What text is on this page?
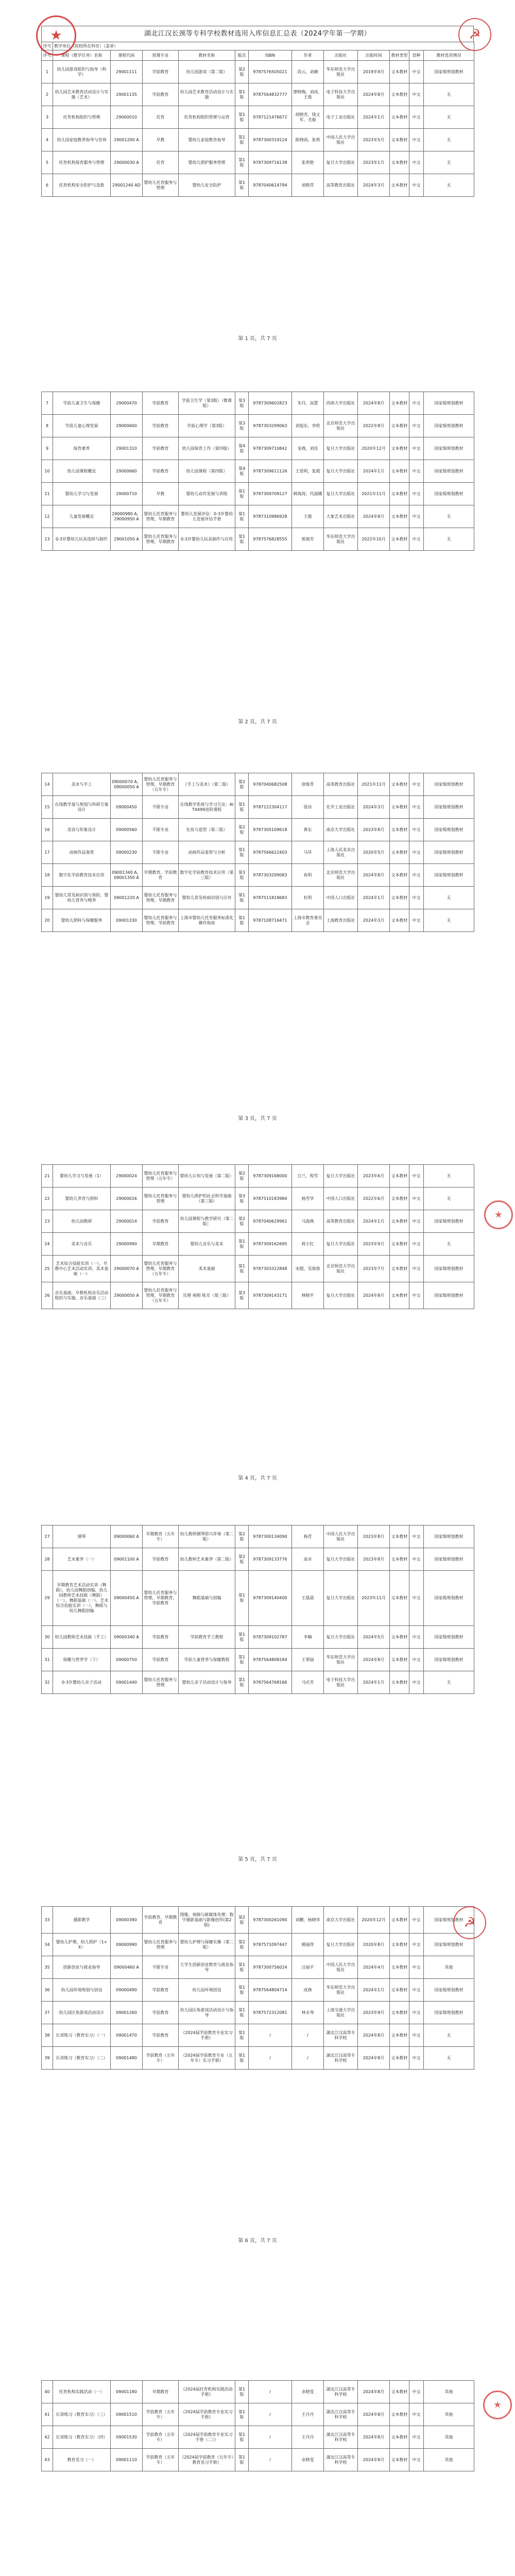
湖北江汉长颈等专科学校教材选用入库信息汇总表（2024学年第一学期）
序号	教学单位（院校所在科室）（盖章）											
序号	课程（教学任务）名称	课程代码	授课专业	教材名称	版次	ISBN	作者	出版社	出版时间	教材类型	语种	教材选用情况
1	幼儿园游戏组织与指导（科学）	29001111	学前教育	幼儿园游戏（第二版）	第2版	9787576505021	段云，刘薇	华东师范大学出版社	2019年9月	文本教材	中文	国家级规划教材
2	幼儿园艺术教育活动设计与实施（艺术）	29001135	学前教育	幼儿园艺术教育活动设计与实施	第1版	9787564832777	廖晓梅，刘成，王俊	电子科技大学出版社	2024年8月	文本教材	中文	无
3	托育机构组织与管理	29000010	托育	托育机构组织管理与运营	第1版	9787121476672	胡晓芳，钱文军，毛毅	电子工业出版社	2024年1月	文本教材	中文	无
4	幼儿园家庭教养指导与咨询	29001200 A	早教	婴幼儿家庭教育指导	第1版	9787300319124	陈晓雨，张莉	中国人民大学出版社	2023年5月	文本教材	中文	无
5	托育机构保育服务与管理	29000030 A	托育	婴幼儿照护服务管理	第1版	9787309716138	张利艳	复旦大学出版社	2023年1月	文本教材	中文	无
6	托育机构安全防护与急救	29001240 AD	婴幼儿托育服务与管理	婴幼儿安全防护	第1版	9787040614794	刘晓青	高等教育出版社	2024年3月	文本教材	中文	无
★	☭
第 1 页，共 7 页
7	学前儿童卫生与保健	29000470	学前教育	学前卫生学（第3版）（微课版）	第3版	9787309602823	朱丹，高慧	西南大学出版社	2024年8月	文本教材	中文	国家级规划教材
8	学前儿童心理发展	29000600	学前教育	学前心理学（第3版）	第3版	9787303299063	刘旭东，李欣	北京师范大学出版社	2022年8月	文本教材	中文	国家级规划教材
9	保育素养	29001310	学前教育	幼儿园保育工作（第四版）	第4版	9787309710842	金燕，刘佳	复旦大学出版社	2020年12月	文本教材	中文	国家级规划教材
10	幼儿园课程概论	29000660	学前教育	幼儿园课程（第四版）	第4版	9787309611126	王思明，张霞	复旦大学出版社	2024年1月	文本教材	中文	国家级规划教材
11	婴幼儿学习与发展	29000710	早教	婴幼儿动作发展与训练	第1版	9787309709127	韩海涛，代丽娜	复旦大学出版社	2021年11月	文本教材	中文	国家级规划教材
12	儿童发展概论	29000980 A，29000950 A	婴幼儿托育服务与管理，早期教育	婴幼儿发展评估：0-3岁婴幼儿发展评估手册	第1版	9787310986928	王毅	大象艺术出版社	2024年8月	文本教材	中文	无
13	0-3岁婴幼儿玩具选择与制作	29001050 A	婴幼儿托育服务与管理，早期教育	0-3岁婴幼儿玩具制作与应用	第1版	9787576828555	郭倩芳	华东师范大学出版社	2022年10月	文本教材	中文	无
第 2 页，共 7 页
14	美术与手工	09000070 A，09000050 A	婴幼儿托育服务与管理，早期教育（五年专）	《手工与美术》（第二版）	第2版	9787040682508	徐俊青	高等教育出版社	2021年11月	文本教材	中文	国家级规划教材
15	在线教学基与规划与科研方案设计	09000450	不限专业	在线教学系统与学习方法：AIT4499进阶课程	第1版	9787122304117	徐诗	化学工业出版社	2024年3月	文本教材	中文	国家级规划教材
16	美容与形象设计	09000560	不限专业	化妆与造型（第二版）	第2版	9787305109618	黄东	南京大学出版社	2023年8月	文本教材	中文	国家级规划教材
17	动画作品鉴赏	09000230	不限专业	动画作品鉴赏与分析	第1版	9787566622403	马华	上海人民美术出版社	2020年5月	文本教材	中文	国家级规划教材
18	数字化学前教育技术应用	09001340 A，09001350 A	早期教育，学前教育	数字化学前教育技术应用（第三版）	第3版	9787303299083	孙明	北京师范大学出版社	2024年8月	文本教材	中文	国家级规划教材
19	婴幼儿常见病识别与预防，婴幼儿营养与喂养	09001220 A	婴幼儿托育服务与管理，早期教育	婴幼儿常见疾病识别与应对	第1版	9787511818683	杜明	中国人口出版社	2024年1月	文本教材	中文	无
20	婴幼儿照料与保健服务	09001330	婴幼儿托育服务与管理，学前教育	上海市婴幼儿托育服务标准化操作指南	第1版	9787108716471	上海市教育委员会	上海教育出版社	2024年3月	文本教材	中文	无
第 3 页，共 7 页
21	婴幼儿学习与发展（1）	29000024	婴幼儿托育服务与管理（五年专）	婴幼儿认知与发展（第二版）	第2版	9787309168000	白兰，程雪	复旦大学出版社	2023年6月	文本教材	中文	无
22	婴幼儿养育与照料	29000016	婴幼儿托育服务与管理	婴幼儿照护的社会科学基础（第三版）	第3版	9787510183984	杨雪华	中国人口出版社	2022年6月	文本教材	中文	无
23	幼儿园教研	29000014	学前教育	幼儿园课程与教学研究（第二版）	第2版	9787040629961	马海燕	高等教育出版社	2024年1月	文本教材	中文	国家级规划教材
24	美术与音乐	29000990	早期教育	婴幼儿音乐与美术	第1版	9787309162695	蒋小红	复旦大学出版社	2023年9月	文本教材	中文	无
25	艺术综合技能实训（一），早教中心艺术活动实训，美术基础（一）	29000070 A	婴幼儿托育服务与管理，早期教育（五年专）	美术基础	第1版	9787303322848	宋超，吴海蓉	北京师范大学出版社	2023年7月	文本教材	中文	国家级规划教材
26	音乐基础，早教机构音乐活动组织与实施，音乐基础（三）	29000050 A	婴幼儿托育服务与管理，早期教育（五年专）	乐理 视唱 练耳（第三版）	第3版	9787309143171	林晓平	复旦大学出版社	2024年8月	文本教材	中文	国家级规划教材
★
第 4 页，共 7 页
27	钢琴	09000060 A	早期教育（五年专）	幼儿教师钢琴即兴伴奏（第二版）	第2版	9787300134090	杨青	中国人民大学出版社	2023年8月	文本教材	中文	国家级规划教材
28	艺术素养（一）	09001100 A	学前教育	幼儿教师艺术素养（第二版）	第2版	9787309133776	高卓	复旦大学出版社	2023年8月	文本教材	中文	国家级规划教材
29	早期教育艺术活动实训（舞蹈），幼儿园舞蹈创编，幼儿园教师艺术技能（舞蹈）（一），舞蹈基础（一），艺术综合技能实训（一），舞蹈与幼儿舞蹈创编	09000450 A	婴幼儿托育服务与管理，早期教育，学前教育	舞蹈基础与创编	第1版	9787309140400	王晨晨	复旦大学出版社	2023年11月	文本教材	中文	国家级规划教材
30	幼儿园教师艺术技能（手工）	09000340 A	学前教育	学前教育手工教程	第1版	9787309102787	李楠	复旦大学出版社	2024年5月	文本教材	中文	国家级规划教材
31	保健与营养学（下）	09000750	学前教育	学前儿童营养与保健教程	第1版	9787564808184	王翠丽	华东师范大学出版社	2024年8月	文本教材	中文	国家级规划教材
32	0-3岁婴幼儿亲子活动	09001440	婴幼儿托育服务与管理	婴幼儿亲子活动设计与指导	第1版	9787564768166	马庆芳	电子科技大学出版社	2024年1月	文本教材	中文	无
第 5 页，共 7 页
33	摄影教学	09000390	学前教育，早期教育	图像、视频与新媒体处理：数字摄影基础与影像创作(第2版)	第2版	9787300261090	刘鹏，杨晓华	南京大学出版社	2020年12月	文本教材	中文	国家级规划教材
34	婴幼儿护理，幼儿照护（1+X）	09000990	婴幼儿托育服务与管理	婴幼儿护理与保健实操（第二版）	第2版	9787571097447	姚丽萍	复旦大学出版社	2020年8月	文本教材	中文	国家级规划教材
35	创新创业与就业指导	09000460 A	不限专业	大学生创新创业教育与就业指导	第1版	9787300756024	汪丽平	中国人民大学出版社	2024年4月	文本教材	中文	其他
36	幼儿园环境规划与创设	09000490	学前教育	幼儿园环境创设	第1版	9787564804714	成燕	华东师范大学出版社	2024年1月	文本教材	中文	国家级规划教材
37	幼儿园区角游戏活动设计	09001260	学前教育	幼儿园区角游戏活动设计与指导	第1版	9787572312081	林永琴	上海交通大学出版社	2023年9月	文本教材	中文	国家级规划教材
38	长训练习（教育实习）（一）	09001470	学前教育	《2024届学前教育专业实习手册》	第1版	/	/	湖北江汉高等专科学校	2024年8月	文本教材	中文	无
39	长训练习（教育实习）（二）	09001480	学前教育（五年专）	《2024届学前教育专业（五年专）实习手册》	第1版	/	/	湖北江汉高等专科学校	2024年8月	文本教材	中文	无
☭
第 6 页，共 7 页
40	托育机构实践活动（一）	09001180	早期教育	《2024届托育机构实践活动手册》	第1版	/	余晓雯	湖北江汉高等专科学校	2024年8月	文本教材	中文	其他
41	长训练习（教育实习）（三）	09001510	学前教育（五年专）	《2024届学前教育专业实习手册》	第1版	/	王丹丹	湖北江汉高等专科学校	2024年8月	文本教材	中文	其他
42	长训练习（教育实习）（四）	09001530	学前教育（五年专）	《2024届学前教育专业实习手册（二）》	第1版	/	王丹丹	湖北江汉高等专科学校	2024年8月	文本教材	中文	其他
43	教育见习（一）	09001110	学前教育（五年专）	《2024届学前教育（五年专）教育见习手册》	第1版	/	余晓雯	湖北江汉高等专科学校	2024年8月	文本教材	中文	其他
★
